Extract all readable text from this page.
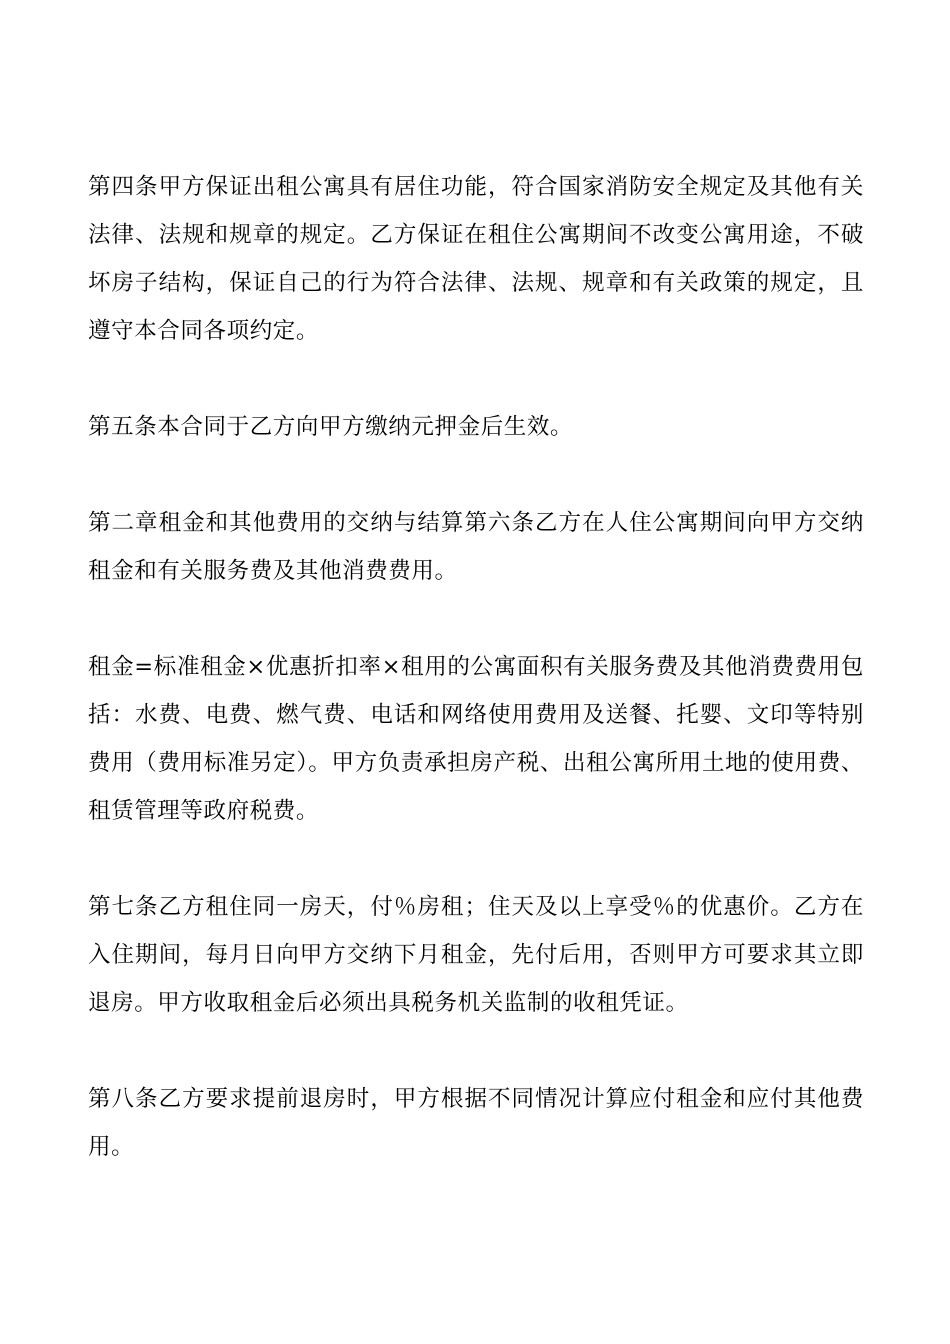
第四条甲方保证出租公寓具有居住功能，符合国家消防安全规定及其他有关法律、法规和规章的规定。乙方保证在租住公寓期间不改变公寓用途，不破坏房子结构，保证自己的行为符合法律、法规、规章和有关政策的规定，且遵守本合同各项约定。

第五条本合同于乙方向甲方缴纳元押金后生效。

第二章租金和其他费用的交纳与结算第六条乙方在人住公寓期间向甲方交纳租金和有关服务费及其他消费费用。

租金=标准租金×优惠折扣率×租用的公寓面积有关服务费及其他消费费用包括：水费、电费、燃气费、电话和网络使用费用及送餐、托婴、文印等特别费用（费用标准另定）。甲方负责承担房产税、出租公寓所用土地的使用费、租赁管理等政府税费。

第七条乙方租住同一房天，付％房租；住天及以上享受％的优惠价。乙方在入住期间，每月日向甲方交纳下月租金，先付后用，否则甲方可要求其立即退房。甲方收取租金后必须出具税务机关监制的收租凭证。

第八条乙方要求提前退房时，甲方根据不同情况计算应付租金和应付其他费用。
